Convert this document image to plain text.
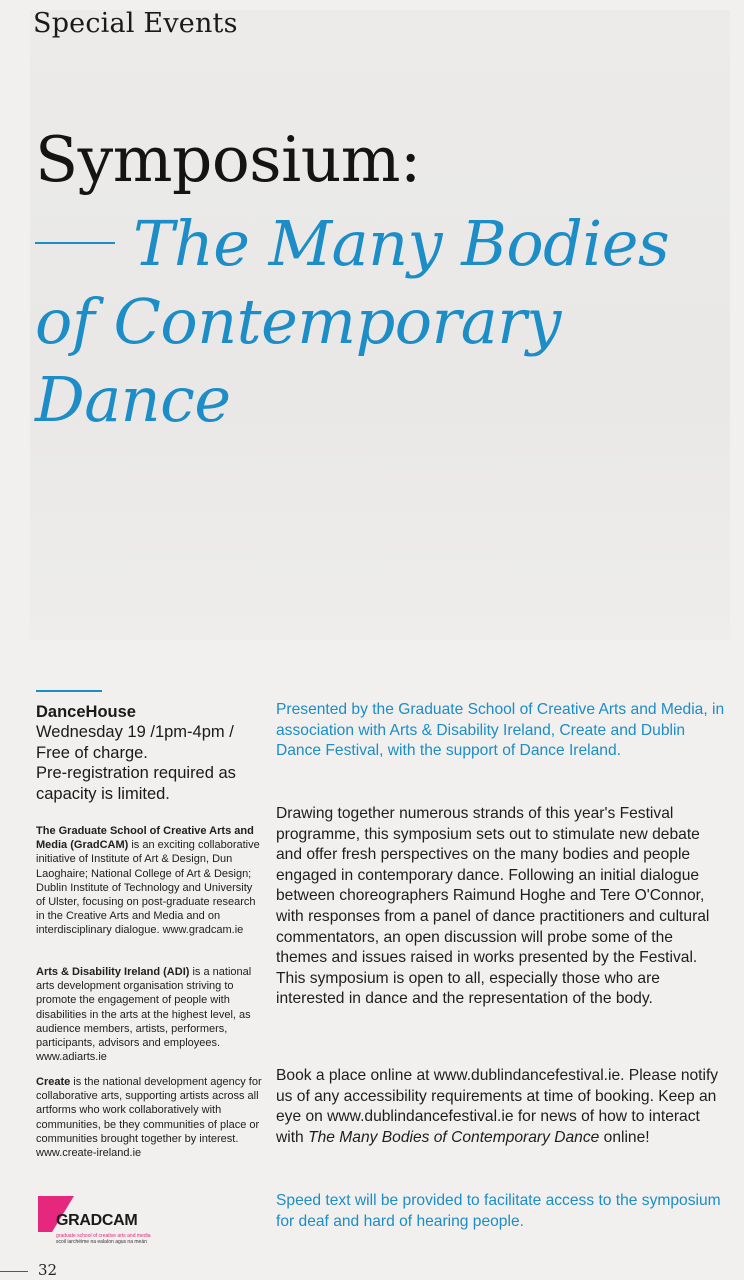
Special Events
Symposium:
The Many Bodies of Contemporary Dance

DanceHouse

Wednesday 19 /1pm-4pm /

Free of charge.

Pre-registration required as capacity is limited.

The Graduate School of Creative Arts and Media (GradCAM) is an exciting collaborative initiative of Institute of Art & Design, Dun Laoghaire; National College of Art & Design; Dublin Institute of Technology and University of Ulster, focusing on post-graduate research in the Creative Arts and Media and on interdisciplinary dialogue. www.gradcam.ie

Arts & Disability Ireland (ADI) is a national arts development organisation striving to promote the engagement of people with disabilities in the arts at the highest level, as audience members, artists, performers, participants, advisors and employees. www.adiarts.ie

Create is the national development agency for collaborative arts, supporting artists across all artforms who work collaboratively with communities, be they communities of place or communities brought together by interest. www.create-ireland.ie

GRADCAM
graduate school of creative arts and media
scoil iarchéime na ealaíon agus na meán
32

Presented by the Graduate School of Creative Arts and Media, in association with Arts & Disability Ireland, Create and Dublin Dance Festival, with the support of Dance Ireland.

Drawing together numerous strands of this year's Festival programme, this symposium sets out to stimulate new debate and offer fresh perspectives on the many bodies and people engaged in contemporary dance. Following an initial dialogue between choreographers Raimund Hoghe and Tere O'Connor, with responses from a panel of dance practitioners and cultural commentators, an open discussion will probe some of the themes and issues raised in works presented by the Festival. This symposium is open to all, especially those who are interested in dance and the representation of the body.

Book a place online at www.dublindancefestival.ie. Please notify us of any accessibility requirements at time of booking. Keep an eye on www.dublindancefestival.ie for news of how to interact with The Many Bodies of Contemporary Dance online!

Speed text will be provided to facilitate access to the symposium for deaf and hard of hearing people.
